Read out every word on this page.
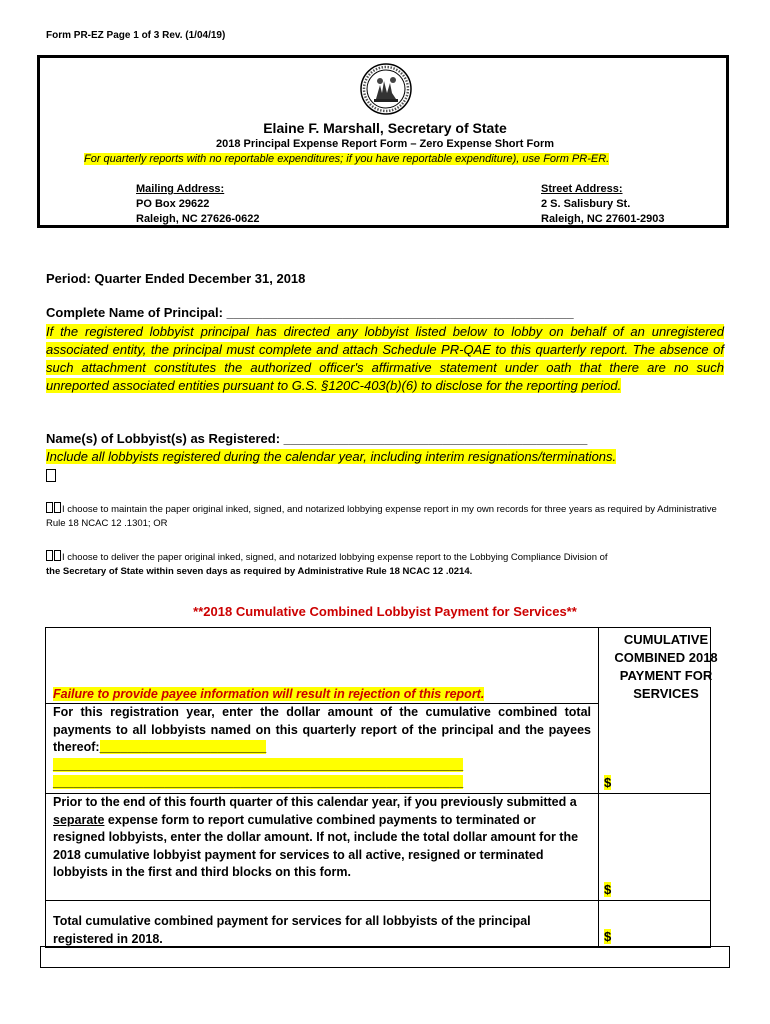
Form PR-EZ Page 1 of 3 Rev. (1/04/19)
Elaine F. Marshall, Secretary of State
2018 Principal Expense Report Form – Zero Expense Short Form
For quarterly reports with no reportable expenditures; if you have reportable expenditure), use Form PR-ER.
Mailing Address:
PO Box 29622
Raleigh, NC 27626-0622
Street Address:
2 S. Salisbury St.
Raleigh, NC 27601-2903
Period: Quarter Ended December 31, 2018
Complete Name of Principal: ________________________________________________
If the registered lobbyist principal has directed any lobbyist listed below to lobby on behalf of an unregistered associated entity, the principal must complete and attach Schedule PR-QAE to this quarterly report. The absence of such attachment constitutes the authorized officer's affirmative statement under oath that there are no such unreported associated entities pursuant to G.S. §120C-403(b)(6) to disclose for the reporting period.
Name(s) of Lobbyist(s) as Registered: __________________________________________
Include all lobbyists registered during the calendar year, including interim resignations/terminations.
I choose to maintain the paper original inked, signed, and notarized lobbying expense report in my own records for three years as required by Administrative Rule 18 NCAC 12 .1301; OR
I choose to deliver the paper original inked, signed, and notarized lobbying expense report to the Lobbying Compliance Division of
the Secretary of State within seven days as required by Administrative Rule 18 NCAC 12 .0214.
**2018 Cumulative Combined Lobbyist Payment for Services**
CUMULATIVE COMBINED 2018 PAYMENT FOR SERVICES
Failure to provide payee information will result in rejection of this report.
For this registration year, enter the dollar amount of the cumulative combined total payments to all lobbyists named on this quarterly report of the principal and the payees thereof:________________________
___________________________________________________________
___________________________________________________________	$
Prior to the end of this fourth quarter of this calendar year, if you previously submitted a separate expense form to report cumulative combined payments to terminated or resigned lobbyists, enter the dollar amount. If not, include the total dollar amount for the 2018 cumulative lobbyist payment for services to all active, resigned or terminated lobbyists in the first and third blocks on this form.
$
Total cumulative combined payment for services for all lobbyists of the principal registered in 2018.	$
